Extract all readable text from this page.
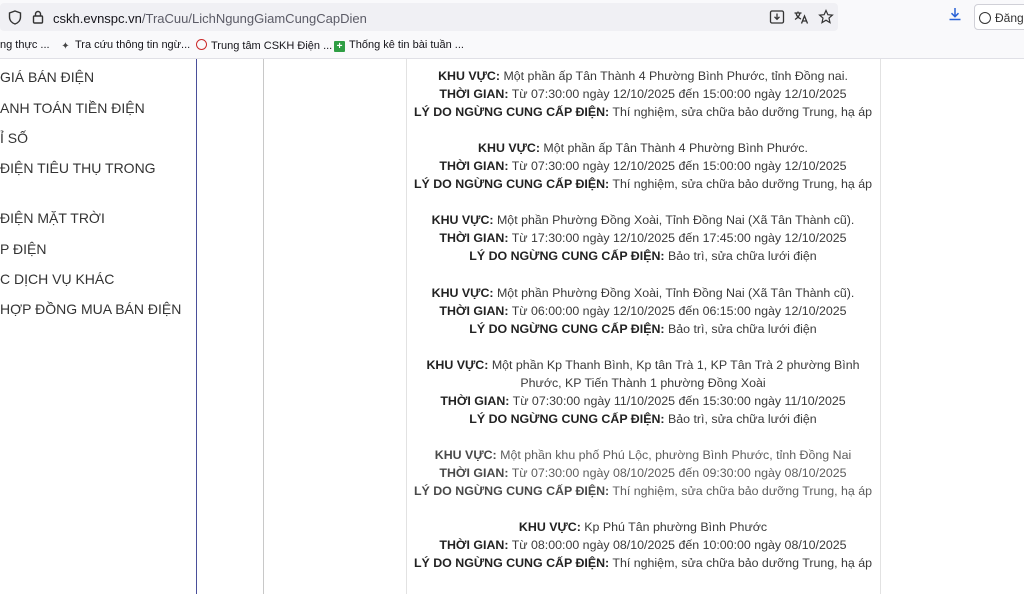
cskh.evnspc.vn/TraCuu/LichNgungGiamCungCapDien	Đăng
ng thực ... ✦ Tra cứu thông tin ngừ...	Trung tâm CSKH Điện ... + Thống kê tin bài tuần ...
GIÁ BÁN ĐIỆN
ANH TOÁN TIỀN ĐIỆN
Ỉ SỐ
ĐIỆN TIÊU THỤ TRONG
ĐIỆN MẶT TRỜI
P ĐIỆN
C DỊCH VỤ KHÁC
HỢP ĐỒNG MUA BÁN ĐIỆN
KHU VỰC: Một phần ấp Tân Thành 4 Phường Bình Phước, tỉnh Đồng nai.
THỜI GIAN: Từ 07:30:00 ngày 12/10/2025 đến 15:00:00 ngày 12/10/2025
LÝ DO NGỪNG CUNG CẤP ĐIỆN: Thí nghiệm, sửa chữa bảo dưỡng Trung, hạ áp
KHU VỰC: Một phần ấp Tân Thành 4 Phường Bình Phước.
THỜI GIAN: Từ 07:30:00 ngày 12/10/2025 đến 15:00:00 ngày 12/10/2025
LÝ DO NGỪNG CUNG CẤP ĐIỆN: Thí nghiệm, sửa chữa bảo dưỡng Trung, hạ áp
KHU VỰC: Một phần Phường Đồng Xoài, Tỉnh Đồng Nai (Xã Tân Thành cũ).
THỜI GIAN: Từ 17:30:00 ngày 12/10/2025 đến 17:45:00 ngày 12/10/2025
LÝ DO NGỪNG CUNG CẤP ĐIỆN: Bảo trì, sửa chữa lưới điện
KHU VỰC: Một phần Phường Đồng Xoài, Tỉnh Đồng Nai (Xã Tân Thành cũ).
THỜI GIAN: Từ 06:00:00 ngày 12/10/2025 đến 06:15:00 ngày 12/10/2025
LÝ DO NGỪNG CUNG CẤP ĐIỆN: Bảo trì, sửa chữa lưới điện
KHU VỰC: Một phần Kp Thanh Bình, Kp tân Trà 1, KP Tân Trà 2 phường Bình
Phước, KP Tiến Thành 1 phường Đồng Xoài
THỜI GIAN: Từ 07:30:00 ngày 11/10/2025 đến 15:30:00 ngày 11/10/2025
LÝ DO NGỪNG CUNG CẤP ĐIỆN: Bảo trì, sửa chữa lưới điện
KHU VỰC: Một phần khu phố Phú Lộc, phường Bình Phước, tỉnh Đồng Nai
THỜI GIAN: Từ 07:30:00 ngày 08/10/2025 đến 09:30:00 ngày 08/10/2025
LÝ DO NGỪNG CUNG CẤP ĐIỆN: Thí nghiệm, sửa chữa bảo dưỡng Trung, hạ áp
KHU VỰC: Kp Phú Tân phường Bình Phước
THỜI GIAN: Từ 08:00:00 ngày 08/10/2025 đến 10:00:00 ngày 08/10/2025
LÝ DO NGỪNG CUNG CẤP ĐIỆN: Thí nghiệm, sửa chữa bảo dưỡng Trung, hạ áp
